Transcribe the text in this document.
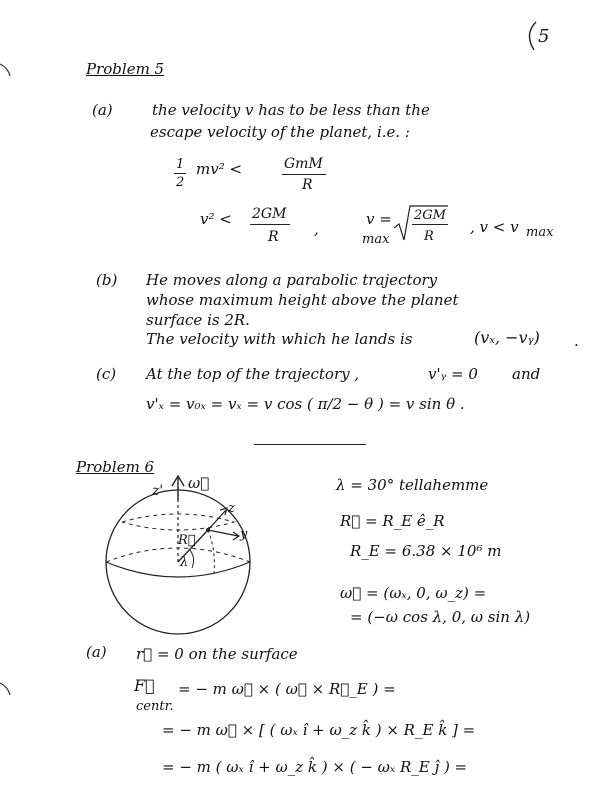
5
Problem 5
(a)	the velocity v has to be less than the
escape velocity of the planet, i.e. :
1
2
mv² <	GmM
R
v² < 2GM
R ,
v =
max
2GM
R
, v < v max
(b) He moves along a parabolic trajectory
whose maximum height above the planet
surface is 2R.
The velocity with which he lands is	(vₓ, −vᵧ) .
(c) At the top of the trajectory ,	v'ᵧ = 0 and
v'ₓ = v₀ₓ = vₓ = v cos ( π/2 − θ ) = v sin θ .
Problem 6
z' ω⃗
z
y
R⃗
λ
λ = 30° tellahemme
R⃗ = R_E ê_R
R_E = 6.38 × 10⁶ m
ω⃗ = (ωₓ, 0, ω_z) =
= (−ω cos λ, 0, ω sin λ)
(a) r⃗ = 0 on the surface
F⃗
centr.
= − m ω⃗ × ( ω⃗ × R⃗_E ) =
= − m ω⃗ × [ ( ωₓ î + ω_z k̂ ) × R_E k̂ ] =
= − m ( ωₓ î + ω_z k̂ ) × ( − ωₓ R_E ĵ ) =
